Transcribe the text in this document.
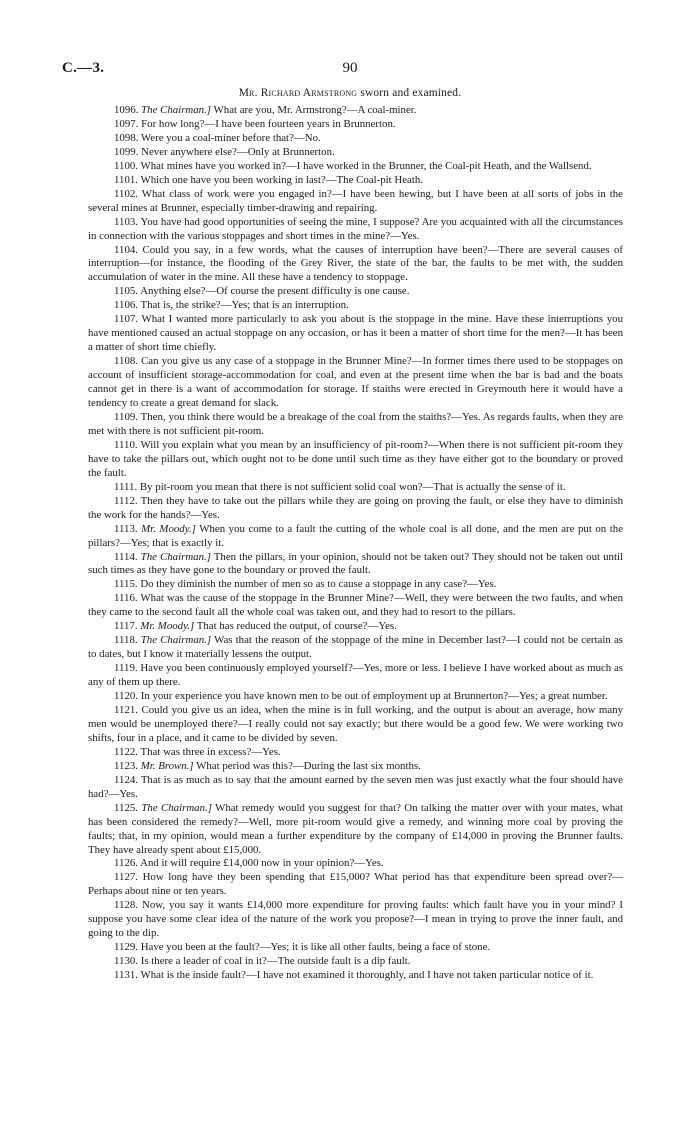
C.—3.	90
Mr. Richard Armstrong sworn and examined.

1096. The Chairman.] What are you, Mr. Armstrong?—A coal-miner.

1097. For how long?—I have been fourteen years in Brunnerton.

1098. Were you a coal-miner before that?—No.

1099. Never anywhere else?—Only at Brunnerton.

1100. What mines have you worked in?—I have worked in the Brunner, the Coal-pit Heath, and the Wallsend.

1101. Which one have you been working in last?—The Coal-pit Heath.

1102. What class of work were you engaged in?—I have been hewing, but I have been at all sorts of jobs in the several mines at Brunner, especially timber-drawing and repairing.

1103. You have had good opportunities of seeing the mine, I suppose? Are you acquainted with all the circumstances in connection with the various stoppages and short times in the mine?—Yes.

1104. Could you say, in a few words, what the causes of interruption have been?—There are several causes of interruption—for instance, the flooding of the Grey River, the state of the bar, the faults to be met with, the sudden accumulation of water in the mine. All these have a tendency to stoppage.

1105. Anything else?—Of course the present difficulty is one cause.

1106. That is, the strike?—Yes; that is an interruption.

1107. What I wanted more particularly to ask you about is the stoppage in the mine. Have these interruptions you have mentioned caused an actual stoppage on any occasion, or has it been a matter of short time for the men?—It has been a matter of short time chiefly.

1108. Can you give us any case of a stoppage in the Brunner Mine?—In former times there used to be stoppages on account of insufficient storage-accommodation for coal, and even at the present time when the bar is bad and the boats cannot get in there is a want of accommodation for storage. If staiths were erected in Greymouth here it would have a tendency to create a great demand for slack.

1109. Then, you think there would be a breakage of the coal from the staiths?—Yes. As regards faults, when they are met with there is not sufficient pit-room.

1110. Will you explain what you mean by an insufficiency of pit-room?—When there is not sufficient pit-room they have to take the pillars out, which ought not to be done until such time as they have either got to the boundary or proved the fault.

1111. By pit-room you mean that there is not sufficient solid coal won?—That is actually the sense of it.

1112. Then they have to take out the pillars while they are going on proving the fault, or else they have to diminish the work for the hands?—Yes.

1113. Mr. Moody.] When you come to a fault the cutting of the whole coal is all done, and the men are put on the pillars?—Yes; that is exactly it.

1114. The Chairman.] Then the pillars, in your opinion, should not be taken out? They should not be taken out until such times as they have gone to the boundary or proved the fault.

1115. Do they diminish the number of men so as to cause a stoppage in any case?—Yes.

1116. What was the cause of the stoppage in the Brunner Mine?—Well, they were between the two faults, and when they came to the second fault all the whole coal was taken out, and they had to resort to the pillars.

1117. Mr. Moody.] That has reduced the output, of course?—Yes.

1118. The Chairman.] Was that the reason of the stoppage of the mine in December last?—I could not be certain as to dates, but I know it materially lessens the output.

1119. Have you been continuously employed yourself?—Yes, more or less. I believe I have worked about as much as any of them up there.

1120. In your experience you have known men to be out of employment up at Brunnerton?—Yes; a great number.

1121. Could you give us an idea, when the mine is in full working, and the output is about an average, how many men would be unemployed there?—I really could not say exactly; but there would be a good few. We were working two shifts, four in a place, and it came to be divided by seven.

1122. That was three in excess?—Yes.

1123. Mr. Brown.] What period was this?—During the last six months.

1124. That is as much as to say that the amount earned by the seven men was just exactly what the four should have had?—Yes.

1125. The Chairman.] What remedy would you suggest for that? On talking the matter over with your mates, what has been considered the remedy?—Well, more pit-room would give a remedy, and winning more coal by proving the faults; that, in my opinion, would mean a further expenditure by the company of £14,000 in proving the Brunner faults. They have already spent about £15,000.

1126. And it will require £14,000 now in your opinion?—Yes.

1127. How long have they been spending that £15,000? What period has that expenditure been spread over?—Perhaps about nine or ten years.

1128. Now, you say it wants £14,000 more expenditure for proving faults: which fault have you in your mind? I suppose you have some clear idea of the nature of the work you propose?—I mean in trying to prove the inner fault, and going to the dip.

1129. Have you been at the fault?—Yes; it is like all other faults, being a face of stone.

1130. Is there a leader of coal in it?—The outside fault is a dip fault.

1131. What is the inside fault?—I have not examined it thoroughly, and I have not taken particular notice of it.
